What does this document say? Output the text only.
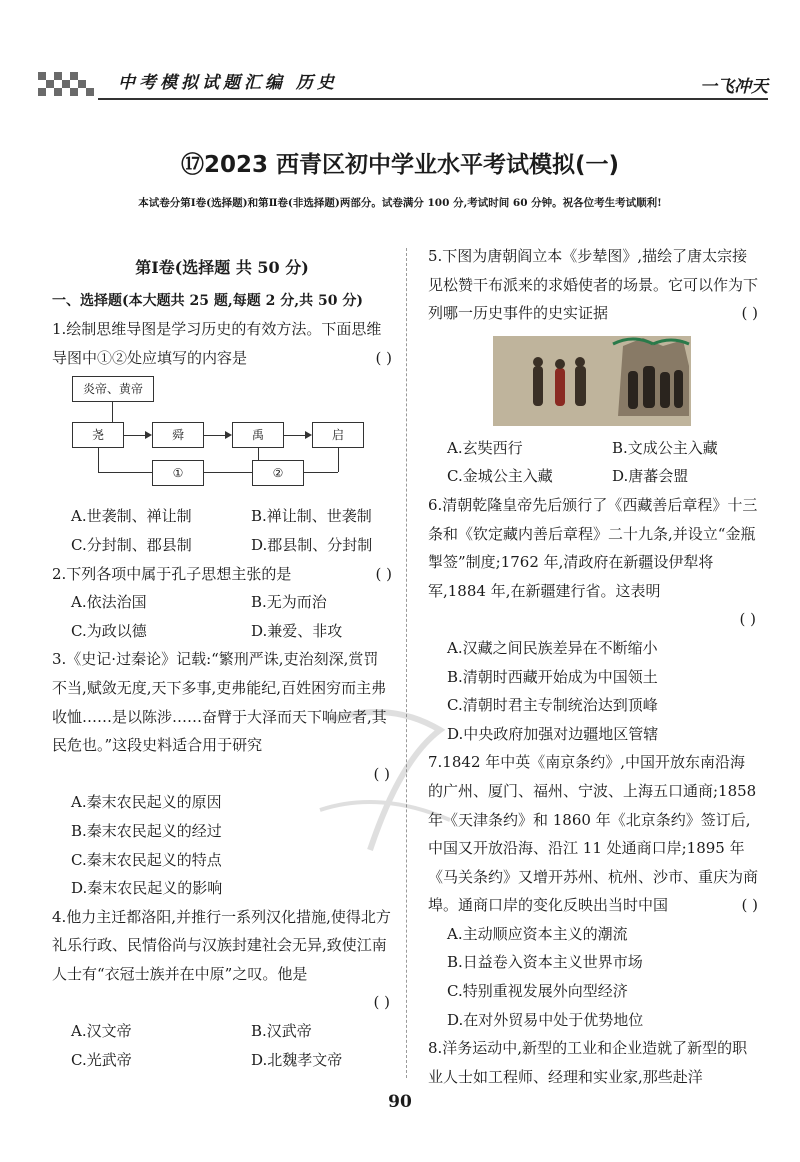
中考模拟试题汇编 历史	一飞冲天
⑰2023 西青区初中学业水平考试模拟(一)
本试卷分第Ⅰ卷(选择题)和第Ⅱ卷(非选择题)两部分。试卷满分 100 分,考试时间 60 分钟。祝各位考生考试顺利!
第Ⅰ卷(选择题 共 50 分)
一、选择题(本大题共 25 题,每题 2 分,共 50 分)
1.绘制思维导图是学习历史的有效方法。下面思维导图中①②处应填写的内容是	( )
炎帝、黄帝
尧	舜	禹	启
①	②
A.世袭制、禅让制	B.禅让制、世袭制
C.分封制、郡县制	D.郡县制、分封制
2.下列各项中属于孔子思想主张的是	( )
A.依法治国	B.无为而治
C.为政以德	D.兼爱、非攻
3.《史记·过秦论》记载:“繁刑严诛,吏治刻深,赏罚不当,赋敛无度,天下多事,吏弗能纪,百姓困穷而主弗收恤……是以陈涉……奋臂于大泽而天下响应者,其民危也。”这段史料适合用于研究
( )
A.秦末农民起义的原因
B.秦末农民起义的经过
C.秦末农民起义的特点
D.秦末农民起义的影响
4.他力主迁都洛阳,并推行一系列汉化措施,使得北方礼乐行政、民情俗尚与汉族封建社会无异,致使江南人士有“衣冠士族并在中原”之叹。他是
( )
A.汉文帝	B.汉武帝
C.光武帝	D.北魏孝文帝
5.下图为唐朝阎立本《步辇图》,描绘了唐太宗接见松赞干布派来的求婚使者的场景。它可以作为下列哪一历史事件的史实证据	( )
A.玄奘西行	B.文成公主入藏
C.金城公主入藏	D.唐蕃会盟
6.清朝乾隆皇帝先后颁行了《西藏善后章程》十三条和《钦定藏内善后章程》二十九条,并设立“金瓶掣签”制度;1762 年,清政府在新疆设伊犁将军,1884 年,在新疆建行省。这表明
( )
A.汉藏之间民族差异在不断缩小
B.清朝时西藏开始成为中国领土
C.清朝时君主专制统治达到顶峰
D.中央政府加强对边疆地区管辖
7.1842 年中英《南京条约》,中国开放东南沿海的广州、厦门、福州、宁波、上海五口通商;1858 年《天津条约》和 1860 年《北京条约》签订后,中国又开放沿海、沿江 11 处通商口岸;1895 年《马关条约》又增开苏州、杭州、沙市、重庆为商埠。通商口岸的变化反映出当时中国	( )
A.主动顺应资本主义的潮流
B.日益卷入资本主义世界市场
C.特别重视发展外向型经济
D.在对外贸易中处于优势地位
8.洋务运动中,新型的工业和企业造就了新型的职业人士如工程师、经理和实业家,那些赴洋
90
